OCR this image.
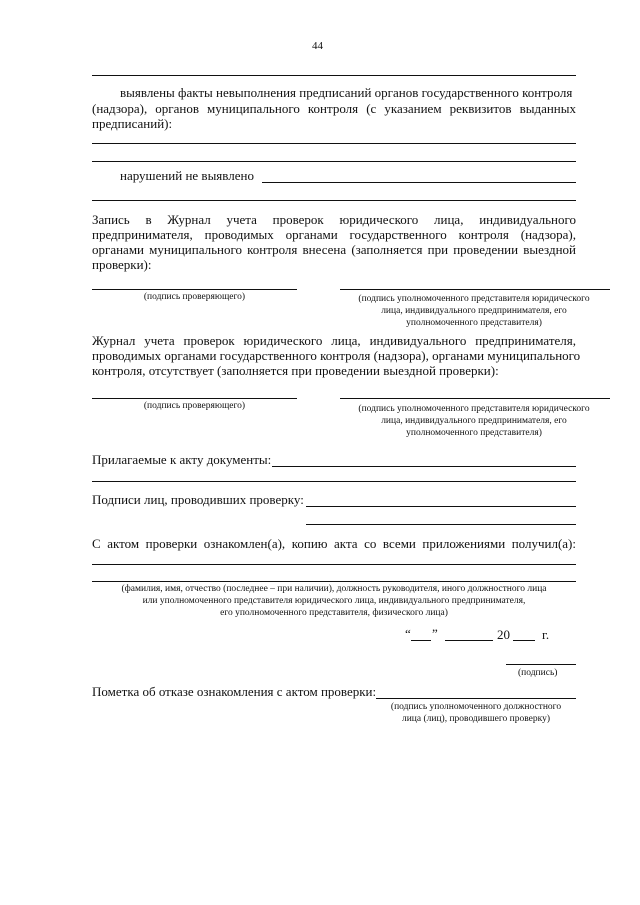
44
выявлены факты невыполнения предписаний органов государственного контроля
(надзора), органов муниципального контроля (с указанием реквизитов выданных
предписаний):
нарушений не выявлено
Запись в Журнал учета проверок юридического лица, индивидуального
предпринимателя, проводимых органами государственного контроля (надзора),
органами муниципального контроля внесена (заполняется при проведении выездной
проверки):
(подпись проверяющего)	(подпись уполномоченного представителя юридического
лица, индивидуального предпринимателя, его
уполномоченного представителя)
Журнал учета проверок юридического лица, индивидуального предпринимателя,
проводимых органами государственного контроля (надзора), органами муниципального
контроля, отсутствует (заполняется при проведении выездной проверки):
(подпись проверяющего)	(подпись уполномоченного представителя юридического
лица, индивидуального предпринимателя, его
уполномоченного представителя)
Прилагаемые к акту документы:
Подписи лиц, проводивших проверку:
С актом проверки ознакомлен(а), копию акта со всеми приложениями получил(а):
(фамилия, имя, отчество (последнее – при наличии), должность руководителя, иного должностного лица
или уполномоченного представителя юридического лица, индивидуального предпринимателя,
его уполномоченного представителя, физического лица)
“ ”	20 г.
(подпись)
Пометка об отказе ознакомления с актом проверки:
(подпись уполномоченного должностного
лица (лиц), проводившего проверку)
